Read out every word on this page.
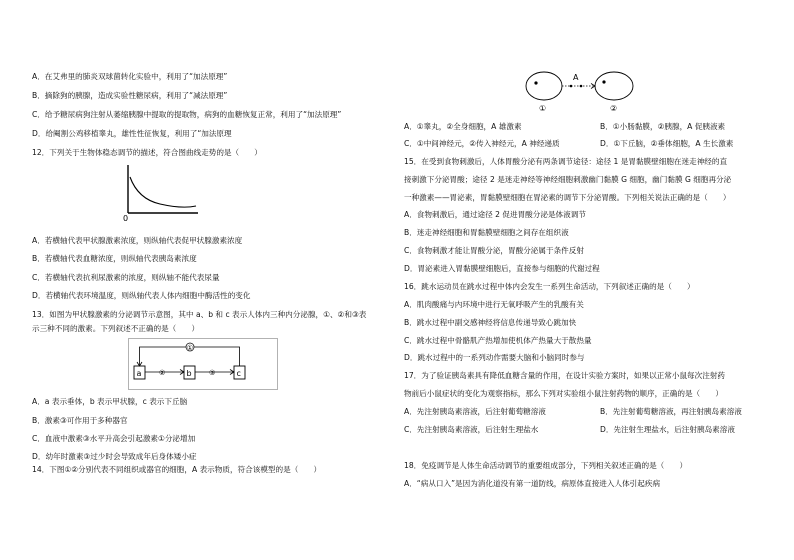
A．在艾弗里的肺炎双球菌转化实验中，利用了“加法原理”
B．摘除狗的胰腺，造成实验性糖尿病，利用了“减法原理”
C．给予糖尿病狗注射从萎缩胰腺中提取的提取物，病狗的血糖恢复正常，利用了“加法原理”
D．给阉割公鸡移植睾丸，雄性性征恢复，利用了“加法原理
12．下列关于生物体稳态调节的描述，符合图曲线走势的是（　　）
0
A．若横轴代表甲状腺激素浓度，则纵轴代表促甲状腺激素浓度
B．若横轴代表血糖浓度，则纵轴代表胰岛素浓度
C．若横轴代表抗利尿激素的浓度，则纵轴不能代表尿量
D．若横轴代表环境温度，则纵轴代表人体内细胞中酶活性的变化
13．如图为甲状腺激素的分泌调节示意图，其中 a、b 和 c 表示人体内三种内分泌腺，①、②和③表
示三种不同的激素。下列叙述不正确的是（　　）
a	b	c
②	③
①
A．a 表示垂体，b 表示甲状腺，c 表示下丘脑
B．激素③可作用于多种器官
C．血液中激素③水平升高会引起激素①分泌增加
D．幼年时激素③过少时会导致成年后身体矮小症
14．下图①②分别代表不同组织或器官的细胞，A 表示物质，符合该模型的是（　　）
A
①	②
A．①睾丸，②全身细胞，A 雄激素	B．①小肠黏膜，②胰腺，A 促胰液素
C．①中间神经元，②传入神经元，A 神经递质	D．①下丘脑，②垂体细胞，A 生长激素
15．在受到食物刺激后，人体胃酸分泌有两条调节途径：途径 1 是胃黏膜壁细胞在迷走神经的直
接刺激下分泌胃酸；途径 2 是迷走神经等神经细胞刺激幽门黏膜 G 细胞，幽门黏膜 G 细胞再分泌
一种激素——胃泌素，胃黏膜壁细胞在胃泌素的调节下分泌胃酸。下列相关说法正确的是（　　）
A．食物刺激后，通过途径 2 促进胃酸分泌是体液调节
B．迷走神经细胞和胃黏膜壁细胞之间存在组织液
C．食物刺激才能让胃酸分泌，胃酸分泌属于条件反射
D．胃泌素进入胃黏膜壁细胞后，直接参与细胞的代谢过程
16．跳水运动员在跳水过程中体内会发生一系列生命活动，下列叙述正确的是（　　）
A．肌肉酸痛与内环境中进行无氧呼吸产生的乳酸有关
B．跳水过程中副交感神经将信息传递导致心跳加快
C．跳水过程中骨骼肌产热增加使机体产热量大于散热量
D．跳水过程中的一系列动作需要大脑和小脑同时参与
17．为了验证胰岛素具有降低血糖含量的作用，在设计实验方案时，如果以正常小鼠每次注射药
物前后小鼠症状的变化为观察指标，那么下列对实验组小鼠注射药物的顺序，正确的是（　　）
A．先注射胰岛素溶液，后注射葡萄糖溶液	B．先注射葡萄糖溶液，再注射胰岛素溶液
C．先注射胰岛素溶液，后注射生理盐水	D．先注射生理盐水，后注射胰岛素溶液
18．免疫调节是人体生命活动调节的重要组成部分，下列相关叙述正确的是（　　）
A．“病从口入”是因为消化道没有第一道防线，病原体直接进入人体引起疾病
